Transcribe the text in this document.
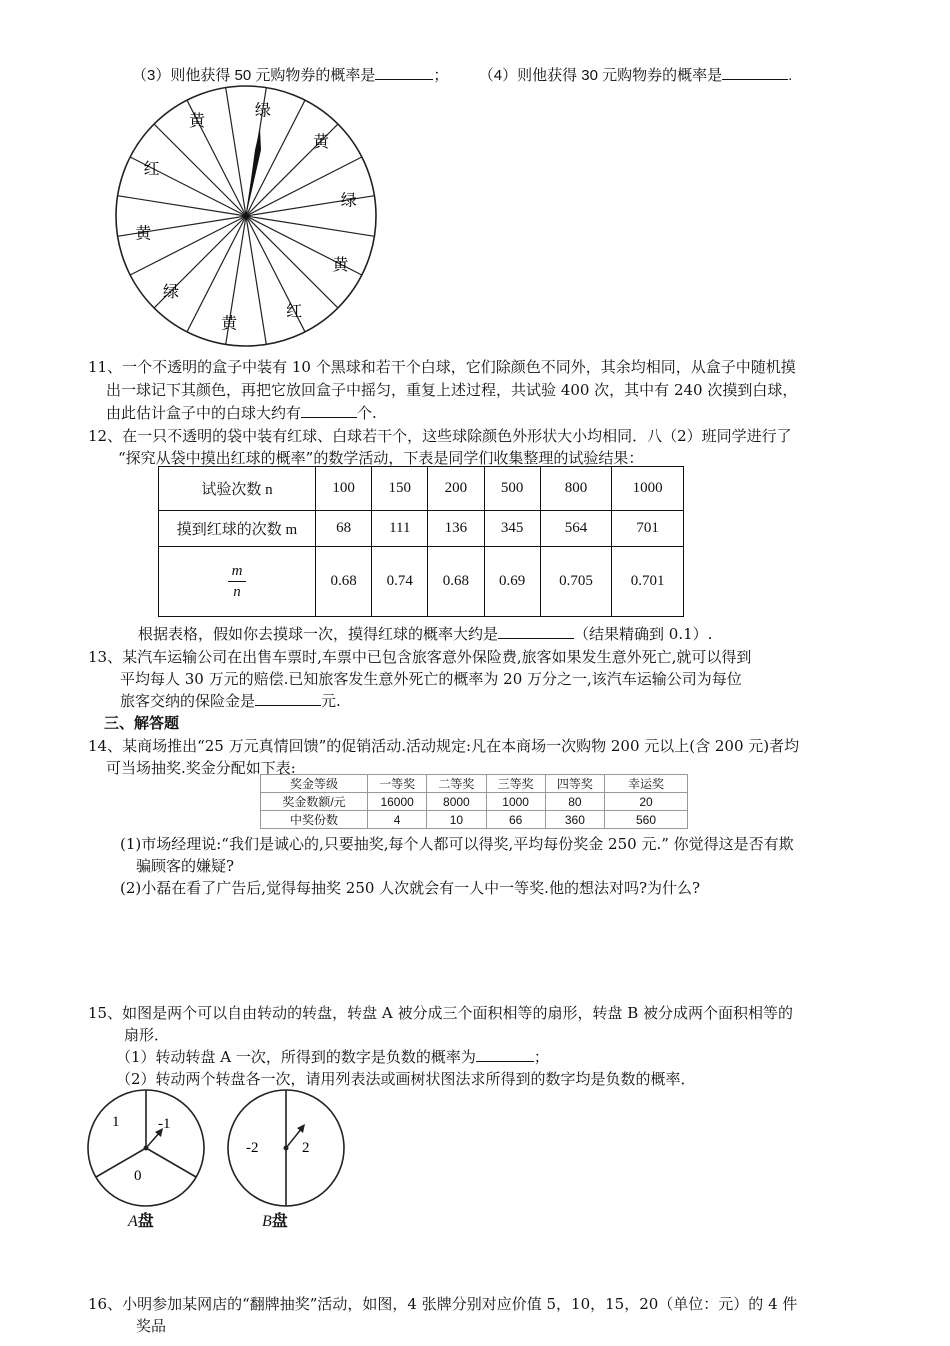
（3）则他获得 50 元购物券的概率是	； （4）则他获得 30 元购物券的概率是	.
绿
黄
绿
黄
红
黄
绿
黄
红
黄
11、一个不透明的盒子中装有 10 个黑球和若干个白球，它们除颜色不同外，其余均相同，从盒子中随机摸
出一球记下其颜色，再把它放回盒子中摇匀，重复上述过程，共试验 400 次，其中有 240 次摸到白球，
由此估计盒子中的白球大约有	个.
12、在一只不透明的袋中装有红球、白球若干个，这些球除颜色外形状大小均相同．八（2）班同学进行了
“探究从袋中摸出红球的概率”的数学活动，下表是同学们收集整理的试验结果：
试验次数 n	100	150	200	500	800	1000
摸到红球的次数 m	68	111	136	345	564	701

$\frac{m}{n}$	0.68	0.74	0.68	0.69	0.705	0.701
根据表格，假如你去摸球一次，摸得红球的概率大约是	（结果精确到 0.1）.
13、某汽车运输公司在出售车票时,车票中已包含旅客意外保险费,旅客如果发生意外死亡,就可以得到
平均每人 30 万元的赔偿.已知旅客发生意外死亡的概率为 20 万分之一,该汽车运输公司为每位
旅客交纳的保险金是	元.
三、解答题
14、某商场推出“25 万元真情回馈”的促销活动.活动规定:凡在本商场一次购物 200 元以上(含 200 元)者均
可当场抽奖.奖金分配如下表:
奖金等级	一等奖	二等奖	三等奖	四等奖	幸运奖
奖金数额/元	16000	8000	1000	80	20
中奖份数	4	10	66	360	560
(1)市场经理说:“我们是诚心的,只要抽奖,每个人都可以得奖,平均每份奖金 250 元.” 你觉得这是否有欺
骗顾客的嫌疑?
(2)小磊在看了广告后,觉得每抽奖 250 人次就会有一人中一等奖.他的想法对吗?为什么?
15、如图是两个可以自由转动的转盘，转盘 A 被分成三个面积相等的扇形，转盘 B 被分成两个面积相等的
扇形．
（1）转动转盘 A 一次，所得到的数字是负数的概率为	；
（2）转动两个转盘各一次，请用列表法或画树状图法求所得到的数字均是负数的概率．
1	-1
0
A盘
-2	2
B盘
16、小明参加某网店的“翻牌抽奖”活动，如图，4 张牌分别对应价值 5，10，15，20（单位：元）的 4 件
奖品
